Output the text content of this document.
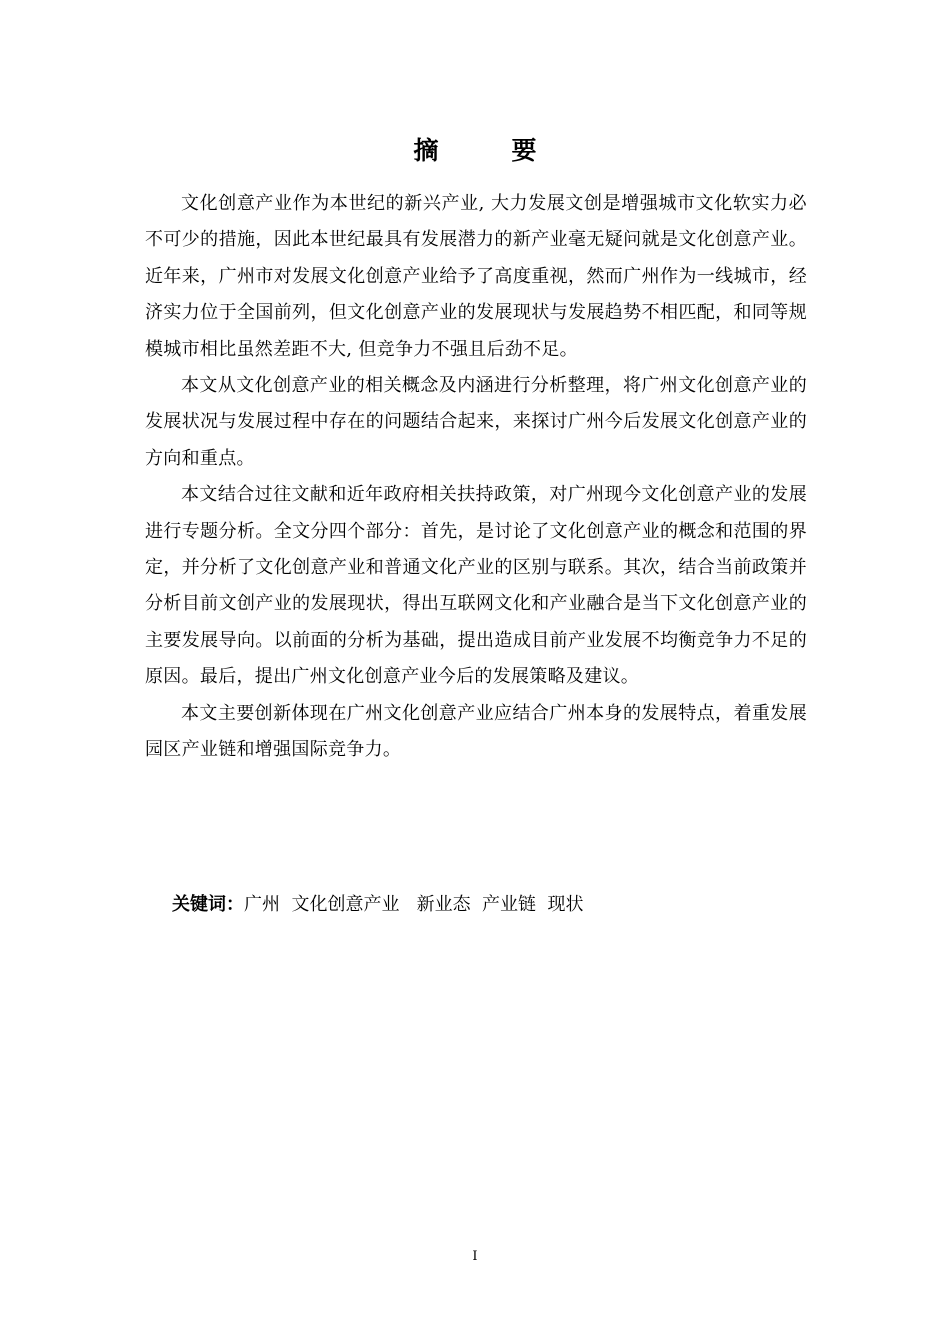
摘　要

文化创意产业作为本世纪的新兴产业, 大力发展文创是增强城市文化软实力必不可少的措施，因此本世纪最具有发展潜力的新产业毫无疑问就是文化创意产业。近年来，广州市对发展文化创意产业给予了高度重视，然而广州作为一线城市，经济实力位于全国前列，但文化创意产业的发展现状与发展趋势不相匹配，和同等规模城市相比虽然差距不大, 但竞争力不强且后劲不足。

本文从文化创意产业的相关概念及内涵进行分析整理，将广州文化创意产业的发展状况与发展过程中存在的问题结合起来，来探讨广州今后发展文化创意产业的方向和重点。

本文结合过往文献和近年政府相关扶持政策，对广州现今文化创意产业的发展进行专题分析。全文分四个部分：首先，是讨论了文化创意产业的概念和范围的界定，并分析了文化创意产业和普通文化产业的区别与联系。其次，结合当前政策并分析目前文创产业的发展现状，得出互联网文化和产业融合是当下文化创意产业的主要发展导向。以前面的分析为基础，提出造成目前产业发展不均衡竞争力不足的原因。最后，提出广州文化创意产业今后的发展策略及建议。

本文主要创新体现在广州文化创意产业应结合广州本身的发展特点，着重发展园区产业链和增强国际竞争力。

关键词：广州  文化创意产业   新业态  产业链  现状
I
